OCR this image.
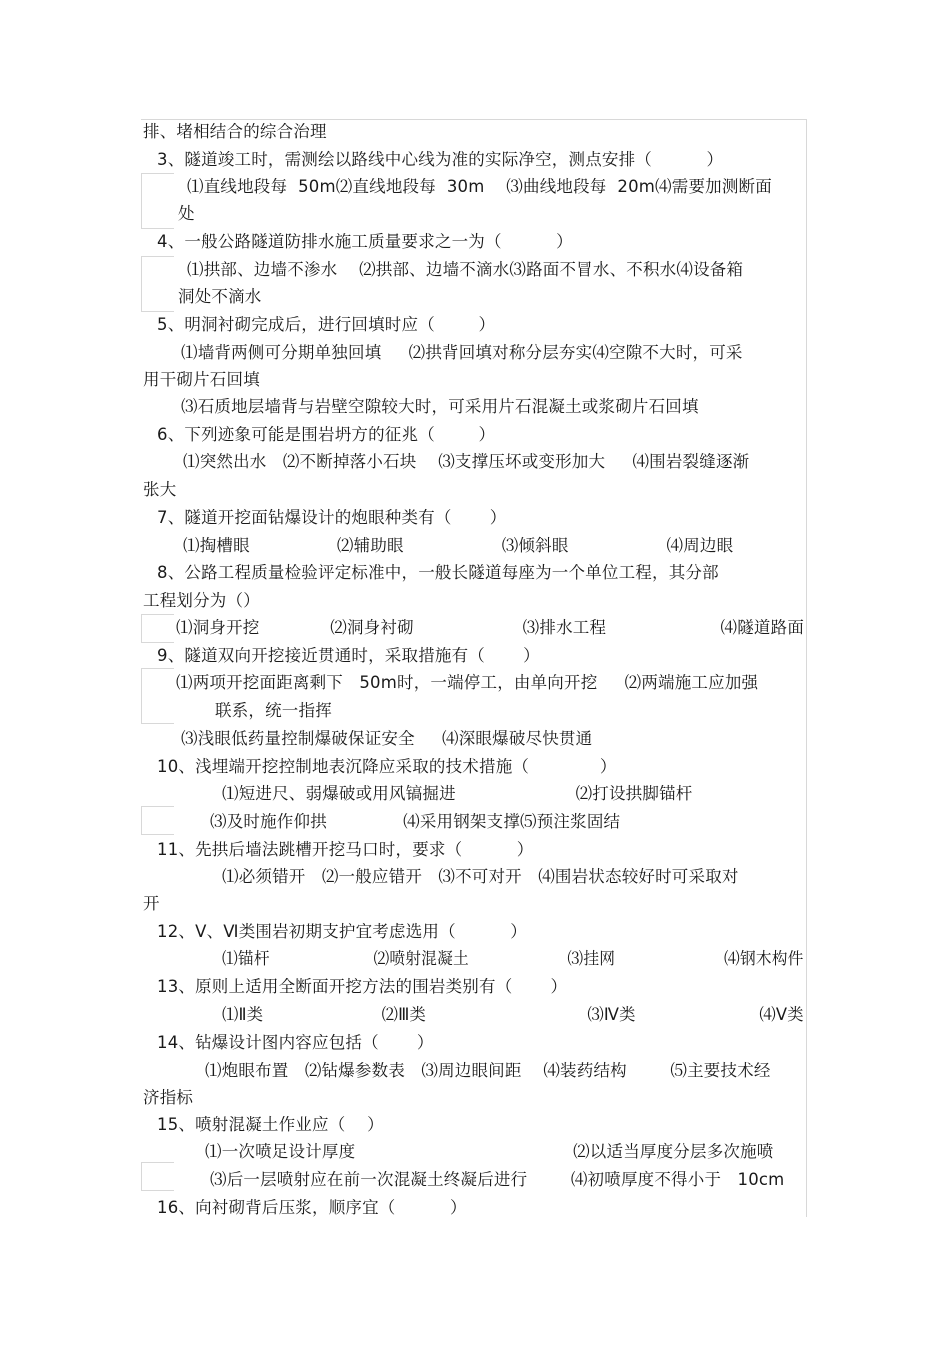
排、堵相结合的综合治理
3、隧道竣工时，需测绘以路线中心线为准的实际净空，测点安排（          ）
⑴直线地段每  50m⑵直线地段每  30m    ⑶曲线地段每  20m⑷需要加测断面
处
4、一般公路隧道防排水施工质量要求之一为（          ）
⑴拱部、边墙不渗水    ⑵拱部、边墙不滴水⑶路面不冒水、不积水⑷设备箱
洞处不滴水
5、明洞衬砌完成后，进行回填时应（        ）
⑴墙背两侧可分期单独回填     ⑵拱背回填对称分层夯实⑷空隙不大时，可采
用干砌片石回填
⑶石质地层墙背与岩壁空隙较大时，可采用片石混凝土或浆砌片石回填
6、下列迹象可能是围岩坍方的征兆（        ）
⑴突然出水   ⑵不断掉落小石块    ⑶支撑压坏或变形加大     ⑷围岩裂缝逐渐
张大
7、隧道开挖面钻爆设计的炮眼种类有（       ）
⑴掏槽眼                ⑵辅助眼                  ⑶倾斜眼                  ⑷周边眼
8、公路工程质量检验评定标准中，一般长隧道每座为一个单位工程，其分部
工程划分为（）
⑴洞身开挖             ⑵洞身衬砌                    ⑶排水工程                     ⑷隧道路面
9、隧道双向开挖接近贯通时，采取措施有（       ）
⑴两项开挖面距离剩下   50m时，一端停工，由单向开挖     ⑵两端施工应加强
联系，统一指挥
⑶浅眼低药量控制爆破保证安全     ⑷深眼爆破尽快贯通
10、浅埋端开挖控制地表沉降应采取的技术措施（             ）
⑴短进尺、弱爆破或用风镐掘进                      ⑵打设拱脚锚杆
⑶及时施作仰拱              ⑷采用钢架支撑⑸预注浆固结
11、先拱后墙法跳槽开挖马口时，要求（          ）
⑴必须错开   ⑵一般应错开   ⑶不可对开   ⑷围岩状态较好时可采取对
开
12、Ⅴ、Ⅵ类围岩初期支护宜考虑选用（          ）
⑴锚杆                    ⑵喷射混凝土                   ⑶挂网                     ⑷钢木构件
13、原则上适用全断面开挖方法的围岩类别有（       ）
⑴Ⅱ类                      ⑵Ⅲ类                              ⑶Ⅳ类                       ⑷Ⅴ类
14、钻爆设计图内容应包括（       ）
⑴炮眼布置   ⑵钻爆参数表   ⑶周边眼间距    ⑷装药结构        ⑸主要技术经
济指标
15、喷射混凝土作业应（    ）
⑴一次喷足设计厚度                                        ⑵以适当厚度分层多次施喷
⑶后一层喷射应在前一次混凝土终凝后进行        ⑷初喷厚度不得小于   10cm
16、向衬砌背后压浆，顺序宜（          ）
